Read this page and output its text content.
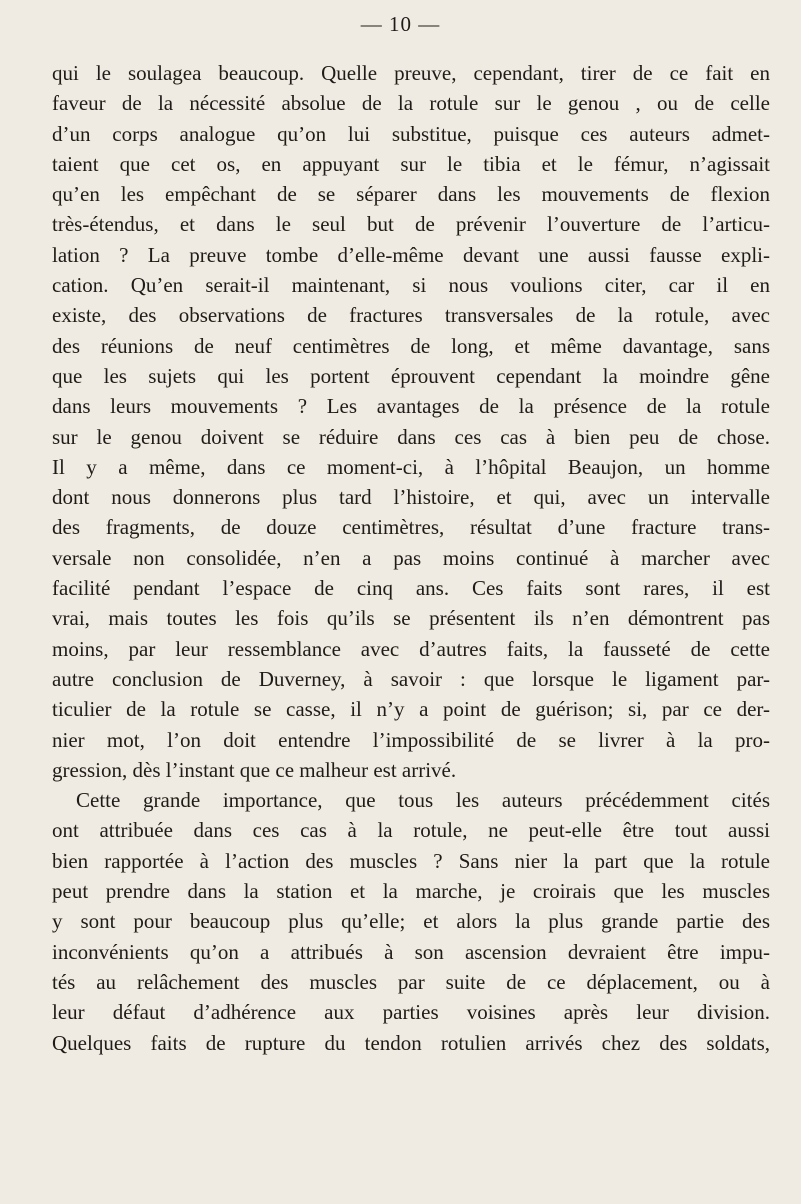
— 10 —
qui le soulagea beaucoup. Quelle preuve, cependant, tirer de ce fait en
faveur de la nécessité absolue de la rotule sur le genou , ou de celle
d’un corps analogue qu’on lui substitue, puisque ces auteurs admet-
taient que cet os, en appuyant sur le tibia et le fémur, n’agissait
qu’en les empêchant de se séparer dans les mouvements de flexion
très-étendus, et dans le seul but de prévenir l’ouverture de l’articu-
lation ? La preuve tombe d’elle-même devant une aussi fausse expli-
cation. Qu’en serait-il maintenant, si nous voulions citer, car il en
existe, des observations de fractures transversales de la rotule, avec
des réunions de neuf centimètres de long, et même davantage, sans
que les sujets qui les portent éprouvent cependant la moindre gêne
dans leurs mouvements ? Les avantages de la présence de la rotule
sur le genou doivent se réduire dans ces cas à bien peu de chose.
Il y a même, dans ce moment-ci, à l’hôpital Beaujon, un homme
dont nous donnerons plus tard l’histoire, et qui, avec un intervalle
des fragments, de douze centimètres, résultat d’une fracture trans-
versale non consolidée, n’en a pas moins continué à marcher avec
facilité pendant l’espace de cinq ans. Ces faits sont rares, il est
vrai, mais toutes les fois qu’ils se présentent ils n’en démontrent pas
moins, par leur ressemblance avec d’autres faits, la fausseté de cette
autre conclusion de Duverney, à savoir : que lorsque le ligament par-
ticulier de la rotule se casse, il n’y a point de guérison; si, par ce der-
nier mot, l’on doit entendre l’impossibilité de se livrer à la pro-
gression, dès l’instant que ce malheur est arrivé.
Cette grande importance, que tous les auteurs précédemment cités
ont attribuée dans ces cas à la rotule, ne peut-elle être tout aussi
bien rapportée à l’action des muscles ? Sans nier la part que la rotule
peut prendre dans la station et la marche, je croirais que les muscles
y sont pour beaucoup plus qu’elle; et alors la plus grande partie des
inconvénients qu’on a attribués à son ascension devraient être impu-
tés au relâchement des muscles par suite de ce déplacement, ou à
leur défaut d’adhérence aux parties voisines après leur division.
Quelques faits de rupture du tendon rotulien arrivés chez des soldats,
